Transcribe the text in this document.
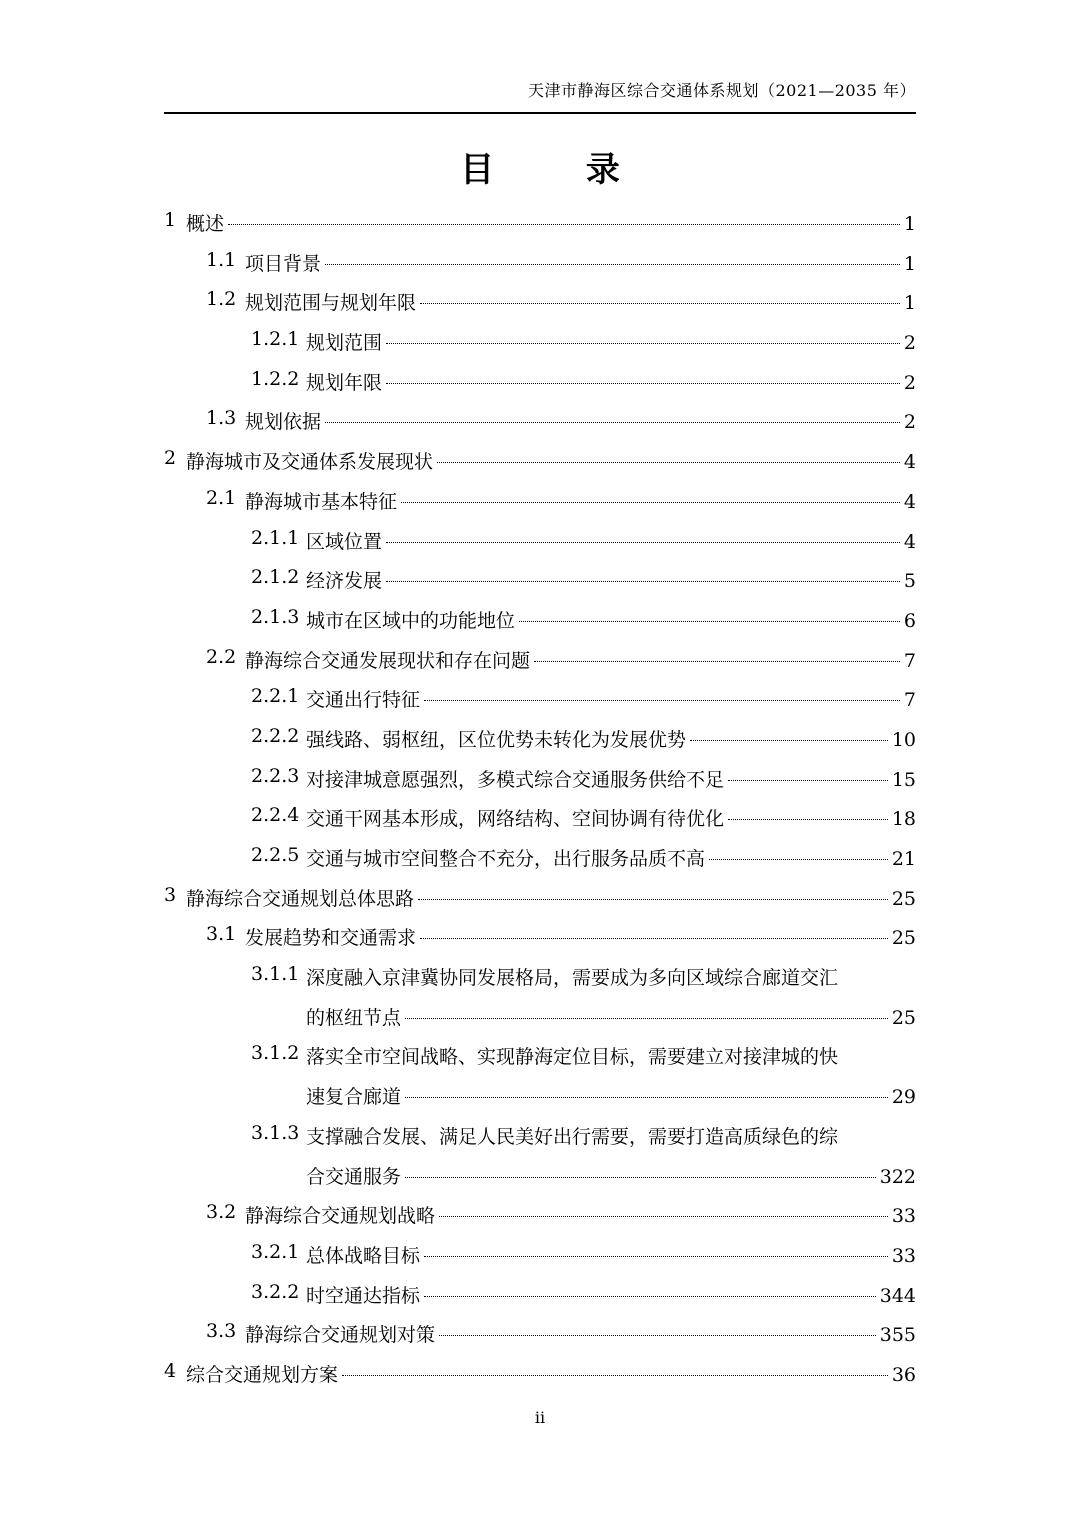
天津市静海区综合交通体系规划（2021—2035 年）
目 录
1 概述	1
1.1 项目背景	1
1.2 规划范围与规划年限	1
1.2.1 规划范围	2
1.2.2 规划年限	2
1.3 规划依据	2
2 静海城市及交通体系发展现状	4
2.1 静海城市基本特征	4
2.1.1 区域位置	4
2.1.2 经济发展	5
2.1.3 城市在区域中的功能地位	6
2.2 静海综合交通发展现状和存在问题	7
2.2.1 交通出行特征	7
2.2.2 强线路、弱枢纽，区位优势未转化为发展优势	10
2.2.3 对接津城意愿强烈，多模式综合交通服务供给不足	15
2.2.4 交通干网基本形成，网络结构、空间协调有待优化	18
2.2.5 交通与城市空间整合不充分，出行服务品质不高	21
3 静海综合交通规划总体思路	25
3.1 发展趋势和交通需求	25
3.1.1 深度融入京津冀协同发展格局，需要成为多向区域综合廊道交汇
的枢纽节点	25
3.1.2 落实全市空间战略、实现静海定位目标，需要建立对接津城的快
速复合廊道	29
3.1.3 支撑融合发展、满足人民美好出行需要，需要打造高质绿色的综
合交通服务	322
3.2 静海综合交通规划战略	33
3.2.1 总体战略目标	33
3.2.2 时空通达指标	344
3.3 静海综合交通规划对策	355
4 综合交通规划方案	36
ii
